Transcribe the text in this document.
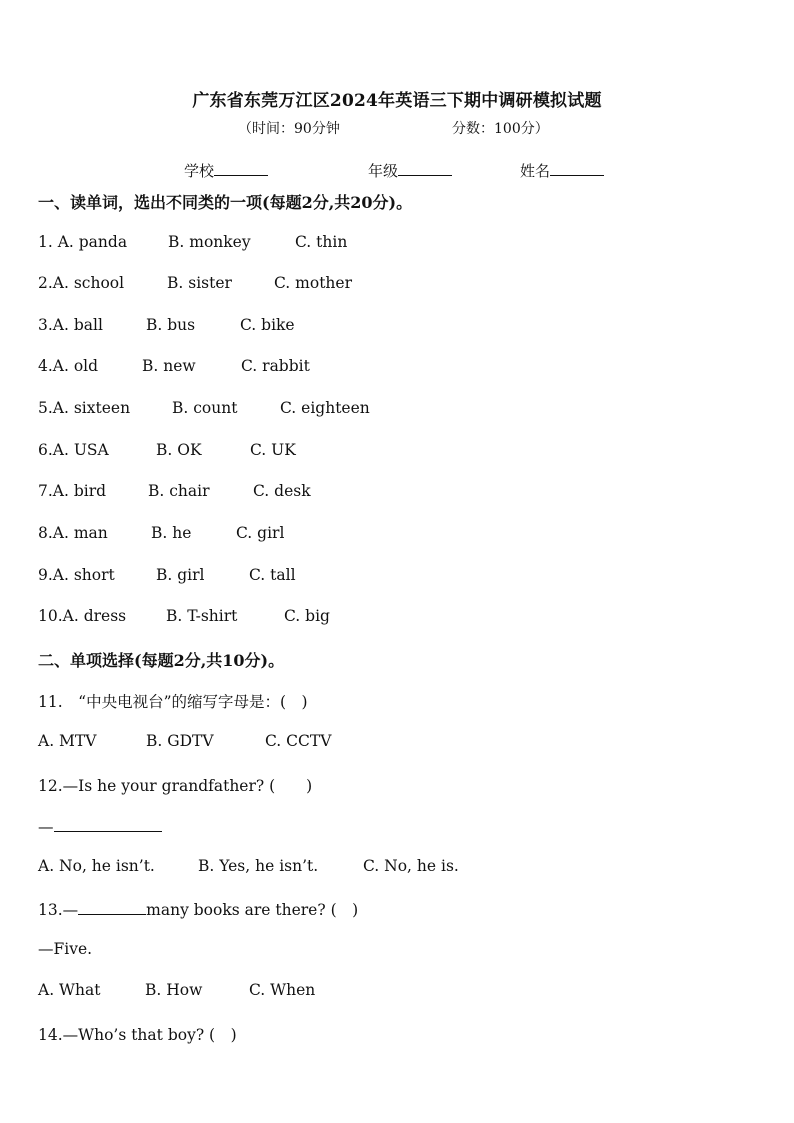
广东省东莞万江区2024年英语三下期中调研模拟试题
（时间：90分钟	分数：100分）
学校	年级	姓名
一、读单词，选出不同类的一项(每题2分,共20分)。
1. A. panda	B. monkey	C. thin
2.A. school	B. sister	C. mother
3.A. ball	B. bus	C. bike
4.A. old	B. new	C. rabbit
5.A. sixteen	B. count	C. eighteen
6.A. USA	B. OK	C. UK
7.A. bird	B. chair	C. desk
8.A. man	B. he	C. girl
9.A. short	B. girl	C. tall
10.A. dress	B. T-shirt	C. big
二、单项选择(每题2分,共10分)。
11.　“中央电视台”的缩写字母是：(　)
A. MTV	B. GDTV	C. CCTV
12.—Is he your grandfather? (　　)
—
A. No, he isn’t.	B. Yes, he isn’t.	C. No, he is.
13.—	many books are there? (　)
—Five.
A. What	B. How	C. When
14.—Who’s that boy? (　)
